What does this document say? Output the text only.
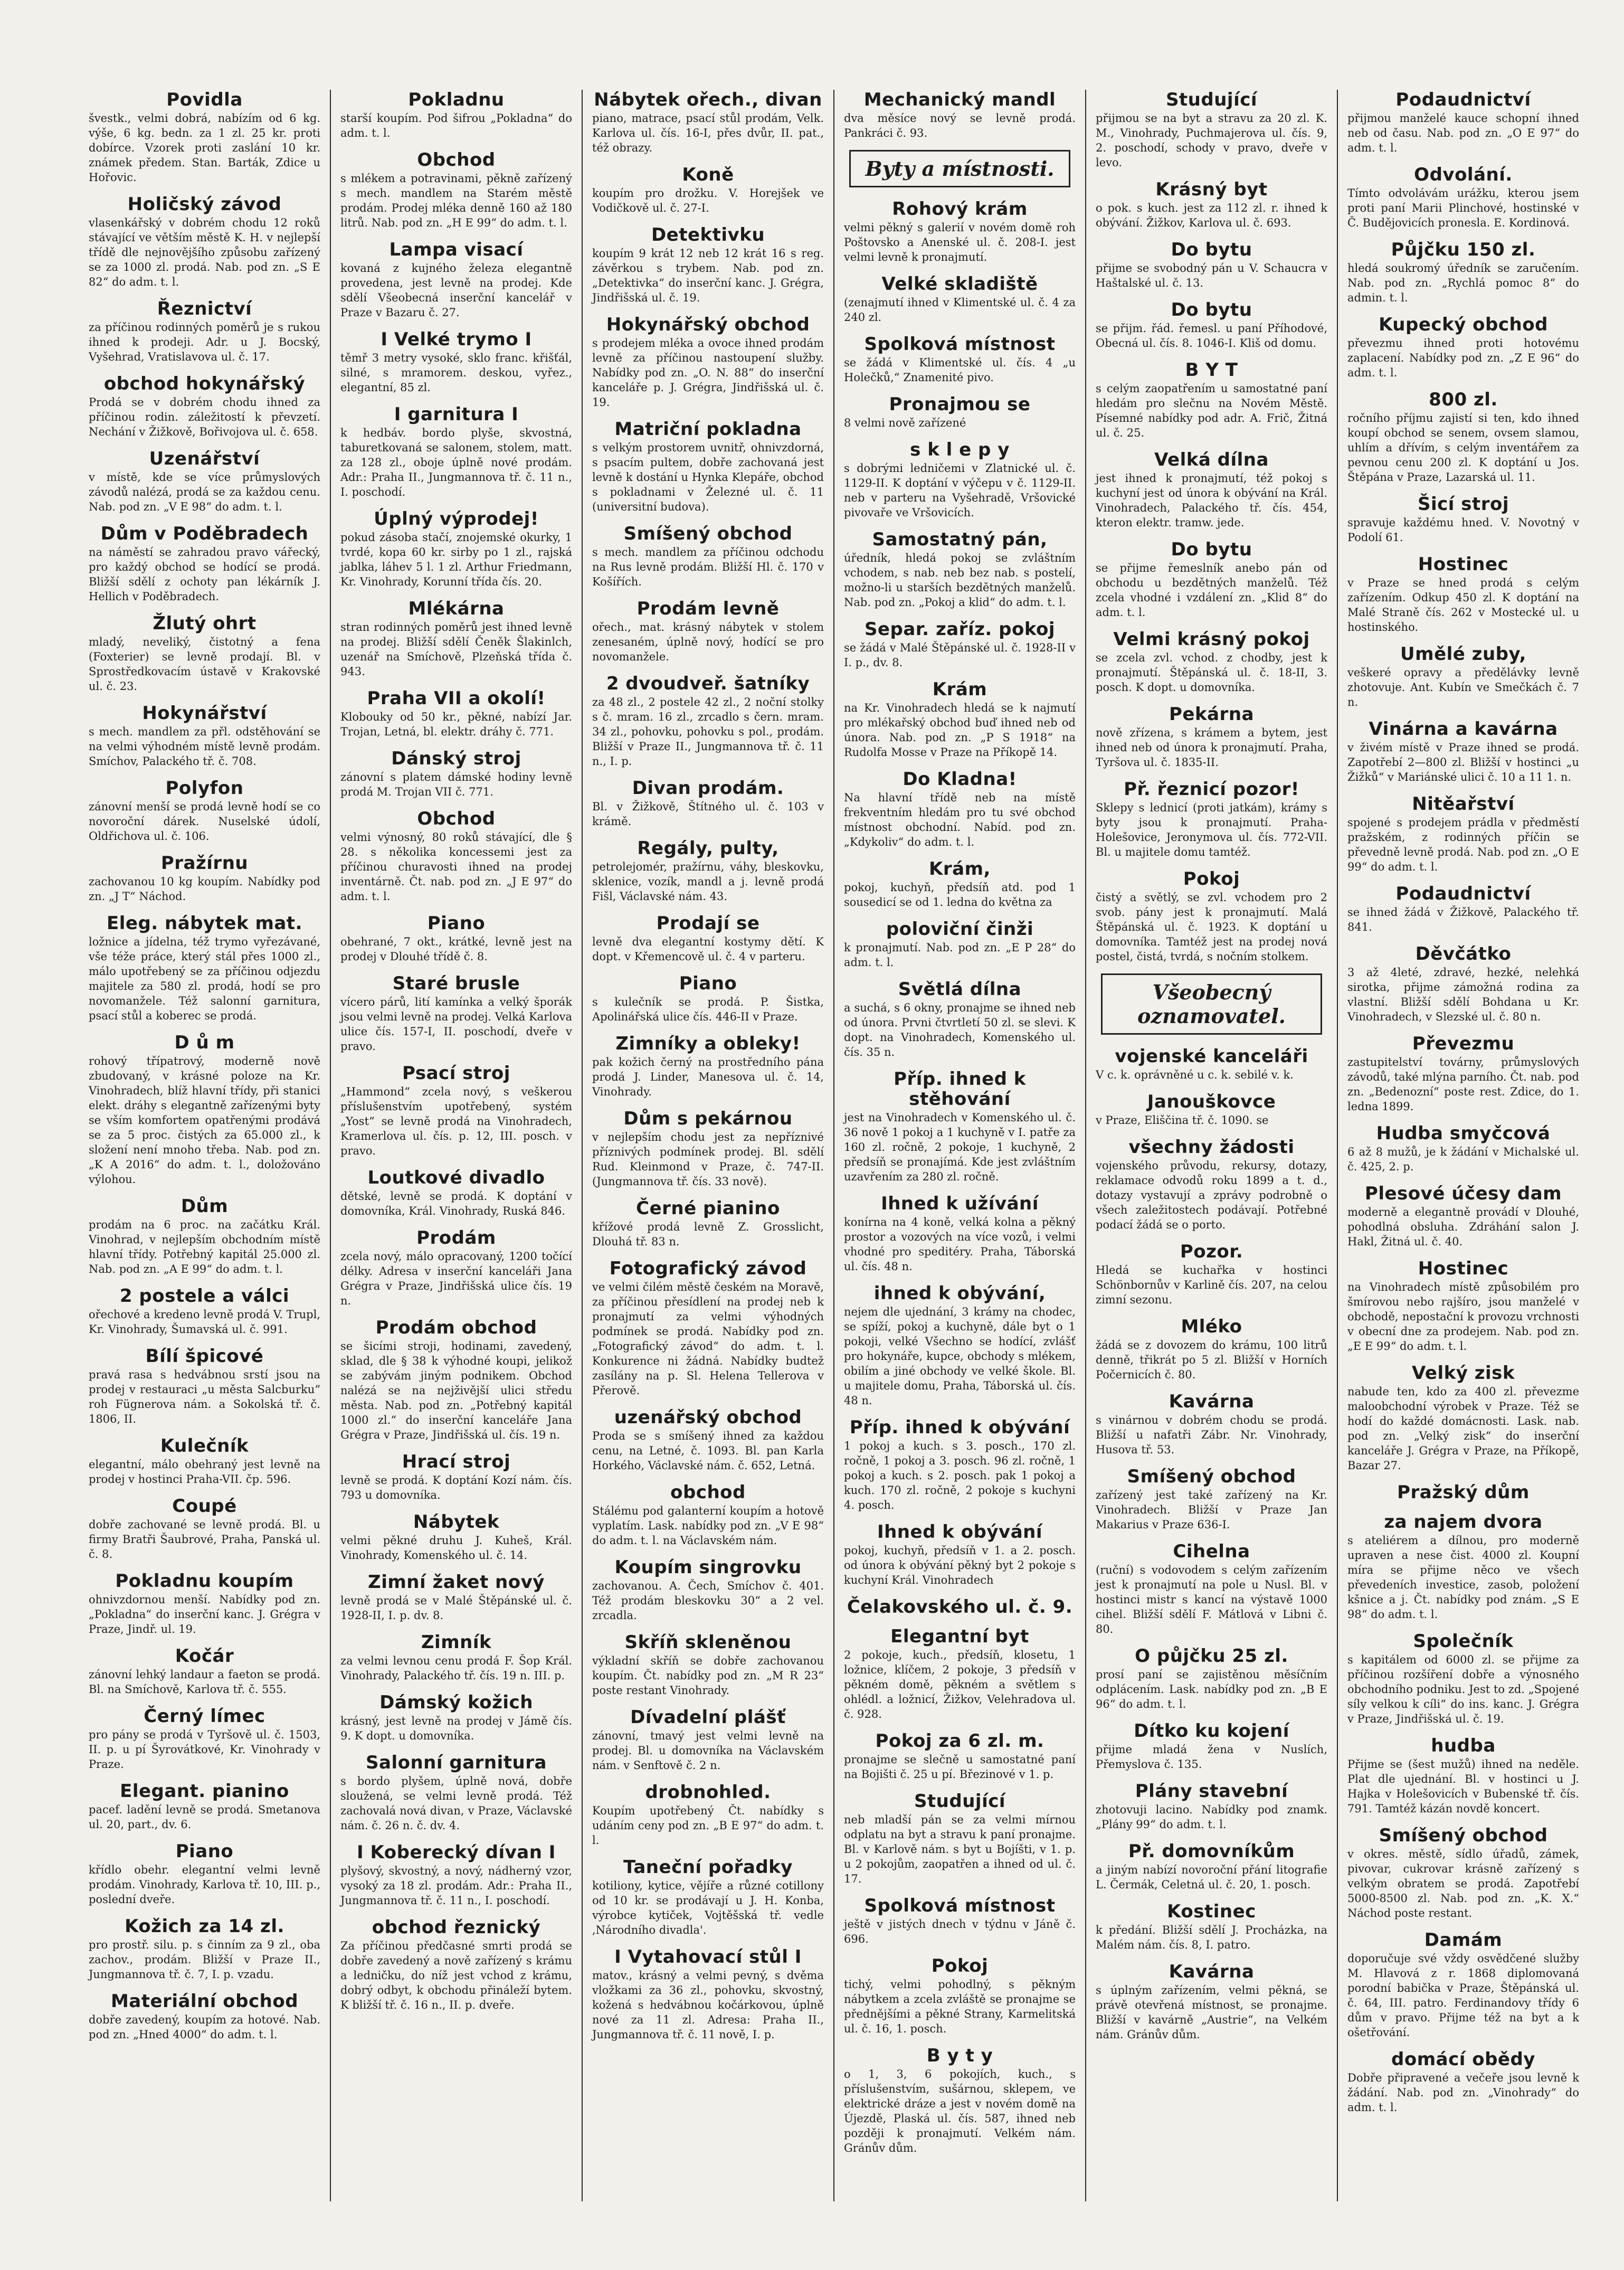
Povidla

švestk., velmi dobrá, nabízím od 6 kg. výše, 6 kg. bedn. za 1 zl. 25 kr. proti dobírce. Vzorek proti zaslání 10 kr. známek předem. Stan. Barták, Zdice u Hořovic.

Holičský závod

vlasenkářský v dobrém chodu 12 roků stávající ve větším městě K. H. v nejlepší třídě dle nejnovějšího způsobu zařízený se za 1000 zl. prodá. Nab. pod zn. „S E 82“ do adm. t. l.

Řeznictví

za příčinou rodinných poměrů je s rukou ihned k prodeji. Adr. u J. Bocský, Vyšehrad, Vratislavova ul. č. 17.

obchod hokynářský

Prodá se v dobrém chodu ihned za příčinou rodin. záležitostí k převzetí. Nechání v Žižkově, Bořivojova ul. č. 658.

Uzenářství

v místě, kde se více průmyslových závodů nalézá, prodá se za každou cenu. Nab. pod zn. „V E 98“ do adm. t. l.

Dům v Poděbradech

na náměstí se zahradou pravo vářecký, pro každý obchod se hodící se prodá. Bližší sdělí z ochoty pan lékárník J. Hellich v Poděbradech.

Žlutý ohrt

mladý, neveliký, čistotný a fena (Foxterier) se levně prodají. Bl. v Sprostředkovacím ústavě v Krakovské ul. č. 23.

Hokynářství

s mech. mandlem za přl. odstěhování se na velmi výhodném místě levně prodám. Smíchov, Palackého tř. č. 708.

Polyfon

zánovní menší se prodá levně hodí se co novoroční dárek. Nuselské údolí, Oldřichova ul. č. 106.

Pražírnu

zachovanou 10 kg koupím. Nabídky pod zn. „J T“ Náchod.

Eleg. nábytek mat.

ložnice a jídelna, též trymo vyřezávané, vše téže práce, který stál přes 1000 zl., málo upotřebený se za příčinou odjezdu majitele za 580 zl. prodá, hodí se pro novomanžele. Též salonní garnitura, psací stůl a koberec se prodá.

D ů m

rohový třípatrový, moderně nově zbudovaný, v krásné poloze na Kr. Vinohradech, blíž hlavní třídy, při stanici elekt. dráhy s elegantně zařízenými byty se vším komfortem opatřenými prodává se za 5 proc. čistých za 65.000 zl., k složení není mnoho třeba. Nab. pod zn. „K A 2016“ do adm. t. l., doložováno výlohou.

Dům

prodám na 6 proc. na začátku Král. Vinohrad, v nejlepším obchodním místě hlavní třídy. Potřebný kapitál 25.000 zl. Nab. pod zn. „A E 99“ do adm. t. l.

2 postele a válci

ořechové a kredeno levně prodá V. Trupl, Kr. Vinohrady, Šumavská ul. č. 991.

Bílí špicové

pravá rasa s hedvábnou srstí jsou na prodej v restauraci „u města Salcburku“ roh Fügnerova nám. a Sokolská tř. č. 1806, II.

Kulečník

elegantní, málo obehraný jest levně na prodej v hostinci Praha-VII. čp. 596.

Coupé

dobře zachované se levně prodá. Bl. u firmy Bratři Šaubrové, Praha, Panská ul. č. 8.

Pokladnu koupím

ohnivzdornou menší. Nabídky pod zn. „Pokladna“ do inserční kanc. J. Grégra v Praze, Jindř. ul. 19.

Kočár

zánovní lehký landaur a faeton se prodá. Bl. na Smíchově, Karlova tř. č. 555.

Černý límec

pro pány se prodá v Tyršově ul. č. 1503, II. p. u pí Šyrovátkové, Kr. Vinohrady v Praze.

Elegant. pianino

pacef. ladění levně se prodá. Smetanova ul. 20, part., dv. 6.

Piano

křídlo obehr. elegantní velmi levně prodám. Vinohrady, Karlova tř. 10, III. p., poslední dveře.

Kožich za 14 zl.

pro prostř. silu. p. s činním za 9 zl., oba zachov., prodám. Bližší v Praze II., Jungmannova tř. č. 7, I. p. vzadu.

Materiální obchod

dobře zavedený, koupím za hotové. Nab. pod zn. „Hned 4000“ do adm. t. l.

Pokladnu

starší koupím. Pod šifrou „Pokladna“ do adm. t. l.

Obchod

s mlékem a potravinami, pěkně zařízený s mech. mandlem na Starém městě prodám. Prodej mléka denně 160 až 180 litrů. Nab. pod zn. „H E 99“ do adm. t. l.

Lampa visací

kovaná z kujného železa elegantně provedena, jest levně na prodej. Kde sdělí Všeobecná inserční kancelář v Praze v Bazaru č. 27.

I Velké trymo I

těmř 3 metry vysoké, sklo franc. křišťál, silné, s mramorem. deskou, vyřez., elegantní, 85 zl.

I garnitura I

k hedbáv. bordo plyše, skvostná, taburetkovaná se salonem, stolem, matt. za 128 zl., oboje úplně nové prodám. Adr.: Praha II., Jungmannova tř. č. 11 n., I. poschodí.

Úplný výprodej!

pokud zásoba stačí, znojemské okurky, 1 tvrdé, kopa 60 kr. sirby po 1 zl., rajská jablka, láhev 5 l. 1 zl. Arthur Friedmann, Kr. Vinohrady, Korunní třída čís. 20.

Mlékárna

stran rodinných poměrů jest ihned levně na prodej. Bližší sdělí Čeněk Šlakinlch, uzenář na Smíchově, Plzeňská třída č. 943.

Praha VII a okolí!

Klobouky od 50 kr., pěkné, nabízí Jar. Trojan, Letná, bl. elektr. dráhy č. 771.

Dánský stroj

zánovní s platem dámské hodiny levně prodá M. Trojan VII č. 771.

Obchod

velmi výnosný, 80 roků stávající, dle § 28. s několika koncessemi jest za příčinou churavosti ihned na prodej inventárně. Čt. nab. pod zn. „J E 97“ do adm. t. l.

Piano

obehrané, 7 okt., krátké, levně jest na prodej v Dlouhé třídě č. 8.

Staré brusle

vícero párů, lití kamínka a velký šporák jsou velmi levně na prodej. Velká Karlova ulice čís. 157-I, II. poschodí, dveře v pravo.

Psací stroj

„Hammond“ zcela nový, s veškerou příslušenstvím upotřebený, systém „Yost“ se levně prodá na Vinohradech, Kramerlova ul. čís. p. 12, III. posch. v pravo.

Loutkové divadlo

dětské, levně se prodá. K doptání v domovníka, Král. Vinohrady, Ruská 846.

Prodám

zcela nový, málo opracovaný, 1200 točící délky. Adresa v inserční kanceláři Jana Grégra v Praze, Jindřišská ulice čís. 19 n.

Prodám obchod

se šicími stroji, hodinami, zavedený, sklad, dle § 38 k výhodné koupi, jelikož se zabývám jiným podnikem. Obchod nalézá se na nejživější ulici středu města. Nab. pod zn. „Potřebný kapitál 1000 zl.“ do inserční kanceláře Jana Grégra v Praze, Jindřišská ul. čís. 19 n.

Hrací stroj

levně se prodá. K doptání Kozí nám. čís. 793 u domovníka.

Nábytek

velmi pěkné druhu J. Kuheš, Král. Vinohrady, Komenského ul. č. 14.

Zimní žaket nový

levně prodá se v Malé Štěpánské ul. č. 1928-II, I. p. dv. 8.

Zimník

za velmi levnou cenu prodá F. Šop Král. Vinohrady, Palackého tř. čís. 19 n. III. p.

Dámský kožich

krásný, jest levně na prodej v Jámě čís. 9. K dopt. u domovníka.

Salonní garnitura

s bordo plyšem, úplně nová, dobře sloužená, se velmi levně prodá. Též zachovalá nová divan, v Praze, Václavské nám. č. 26 n. č. dv. 4.

I Koberecký dívan I

plyšový, skvostný, a nový, nádherný vzor, vysoký za 18 zl. prodám. Adr.: Praha II., Jungmannova tř. č. 11 n., I. poschodí.

obchod řeznický

Za příčinou předčasné smrti prodá se dobře zavedený a nově zařízený s krámu a ledničku, do níž jest vchod z krámu, dobrý odbyt, k obchodu přináleží bytem. K bližší tř. č. 16 n., II. p. dveře.

Nábytek ořech., divan

piano, matrace, psací stůl prodám, Velk. Karlova ul. čís. 16-I, přes dvůr, II. pat., též obrazy.

Koně

koupím pro drožku. V. Horejšek ve Vodičkově ul. č. 27-I.

Detektivku

koupím 9 krát 12 neb 12 krát 16 s reg. závěrkou s trybem. Nab. pod zn. „Detektivka“ do inserční kanc. J. Grégra, Jindřišská ul. č. 19.

Hokynářský obchod

s prodejem mléka a ovoce ihned prodám levně za příčinou nastoupení služby. Nabídky pod zn. „O. N. 88“ do inserční kanceláře p. J. Grégra, Jindřišská ul. č. 19.

Matriční pokladna

s velkým prostorem uvnitř, ohnivzdorná, s psacím pultem, dobře zachovaná jest levně k dostání u Hynka Klepáře, obchod s pokladnami v Železné ul. č. 11 (universitní budova).

Smíšený obchod

s mech. mandlem za příčinou odchodu na Rus levně prodám. Bližší Hl. č. 170 v Košířích.

Prodám levně

ořech., mat. krásný nábytek v stolem zenesaném, úplně nový, hodící se pro novomanžele.

2 dvoudveř. šatníky

za 48 zl., 2 postele 42 zl., 2 noční stolky s č. mram. 16 zl., zrcadlo s čern. mram. 34 zl., pohovku, pohovku s pol., prodám. Bližší v Praze II., Jungmannova tř. č. 11 n., I. p.

Divan prodám.

Bl. v Žižkově, Štítného ul. č. 103 v krámě.

Regály, pulty,

petrolejomér, pražírnu, váhy, bleskovku, sklenice, vozík, mandl a j. levně prodá Fišl, Václavské nám. 43.

Prodají se

levně dva elegantní kostymy dětí. K dopt. v Křemencově ul. č. 4 v parteru.

Piano

s kulečník se prodá. P. Šistka, Apolinářská ulice čís. 446-II v Praze.

Zimníky a obleky!

pak kožich černý na prostředního pána prodá J. Linder, Manesova ul. č. 14, Vinohrady.

Dům s pekárnou

v nejlepším chodu jest za nepříznivé příznivých podmínek prodej. Bl. sdělí Rud. Kleinmond v Praze, č. 747-II. (Jungmannova tř. čís. 33 nově).

Černé pianino

křížové prodá levně Z. Grosslicht, Dlouhá tř. 83 n.

Fotografický závod

ve velmi čilém městě českém na Moravě, za příčinou přesídlení na prodej neb k pronajmutí za velmi výhodných podmínek se prodá. Nabídky pod zn. „Fotografický závod“ do adm. t. l. Konkurence ni žádná. Nabídky budtež zasílány na p. Sl. Helena Tellerova v Přerově.

uzenářský obchod

Proda se s smíšený ihned za každou cenu, na Letné, č. 1093. Bl. pan Karla Horkého, Václavské nám. č. 652, Letná.

obchod

Stálému pod galanterní koupím a hotově vyplatím. Lask. nabídky pod zn. „V E 98“ do adm. t. l. na Václavském nám.

Koupím singrovku

zachovanou. A. Čech, Smíchov č. 401. Též prodám bleskovku 30“ a 2 vel. zrcadla.

Skříň skleněnou

výkladní skříň se dobře zachovanou koupím. Čt. nabídky pod zn. „M R 23“ poste restant Vinohrady.

Dívadelní plášť

zánovní, tmavý jest velmi levně na prodej. Bl. u domovníka na Václavském nám. v Senftově č. 2 n.

drobnohled.

Koupím upotřebený Čt. nabídky s udáním ceny pod zn. „B E 97“ do adm. t. l.

Taneční pořadky

kotiliony, kytice, vějíře a různé cotillony od 10 kr. se prodávají u J. H. Konba, výrobce kytiček, Vojtěšská tř. vedle ,Národního divadla'.

I Vytahovací stůl I

matov., krásný a velmi pevný, s dvěma vložkami za 36 zl., pohovku, skvostný, kožená s hedvábnou kočárkovou, úplně nové za 11 zl. Adresa: Praha II., Jungmannova tř. č. 11 nově, I. p.

Mechanický mandl

dva měsíce nový se levně prodá. Pankráci č. 93.

Byty a místnosti.
Rohový krám

velmi pěkný s galerií v novém domě roh Poštovsko a Anenské ul. č. 208-I. jest velmi levně k pronajmutí.

Velké skladiště

(zenajmutí ihned v Klimentské ul. č. 4 za 240 zl.

Spolková místnost

se žádá v Klimentské ul. čís. 4 „u Holečků,“ Znamenité pivo.

Pronajmou se

8 velmi nově zařízené

s k l e p y

s dobrými ledničemi v Zlatnické ul. č. 1129-II. K doptání v výčepu v č. 1129-II. neb v parteru na Vyšehradě, Vršovické pivovaře ve Vršovicích.

Samostatný pán,

úředník, hledá pokoj se zvláštním vchodem, s nab. neb bez nab. s postelí, možno-li u starších bezdětných manželů. Nab. pod zn. „Pokoj a klid“ do adm. t. l.

Separ. zaříz. pokoj

se žádá v Malé Štěpánské ul. č. 1928-II v I. p., dv. 8.

Krám

na Kr. Vinohradech hledá se k najmutí pro mlékařský obchod buď ihned neb od února. Nab. pod zn. „P S 1918“ na Rudolfa Mosse v Praze na Příkopě 14.

Do Kladna!

Na hlavní třídě neb na místě frekventním hledám pro tu své obchod místnost obchodní. Nabíd. pod zn. „Kdykoliv“ do adm. t. l.

Krám,

pokoj, kuchyň, předsíň atd. pod 1 sousedicí se od 1. ledna do května za

poloviční činži

k pronajmutí. Nab. pod zn. „E P 28“ do adm. t. l.

Světlá dílna

a suchá, s 6 okny, pronajme se ihned neb od února. Prvni čtvrtletí 50 zl. se slevi. K dopt. na Vinohradech, Komenského ul. čís. 35 n.

Příp. ihned k stěhování

jest na Vinohradech v Komenského ul. č. 36 nově 1 pokoj a 1 kuchyně v I. patře za 160 zl. ročně, 2 pokoje, 1 kuchyně, 2 předsíň se pronajímá. Kde jest zvláštním uzavřením za 280 zl. ročně.

Ihned k užívání

konírna na 4 koně, velká kolna a pěkný prostor a vozových na více vozů, i velmi vhodné pro speditéry. Praha, Táborská ul. čís. 48 n.

ihned k obývání,

nejem dle ujednání, 3 krámy na chodec, se spíží, pokoj a kuchyně, dále byt o 1 pokoji, velké Všechno se hodící, zvlášť pro hokynáře, kupce, obchody s mlékem, obilím a jiné obchody ve velké škole. Bl. u majitele domu, Praha, Táborská ul. čís. 48 n.

Příp. ihned k obývání

1 pokoj a kuch. s 3. posch., 170 zl. ročně, 1 pokoj a 3. posch. 96 zl. ročně, 1 pokoj a kuch. s 2. posch. pak 1 pokoj a kuch. 170 zl. ročně, 2 pokoje s kuchyni 4. posch.

Ihned k obývání

pokoj, kuchyň, předsíň v 1. a 2. posch. od února k obývání pěkný byt 2 pokoje s kuchyní Král. Vinohradech

Čelakovského ul. č. 9.

Elegantní byt

2 pokoje, kuch., předsíň, klosetu, 1 ložnice, klíčem, 2 pokoje, 3 předsíň v pěkném domě, pěkném a světlem s ohlédl. a ložnicí, Žižkov, Velehradova ul. č. 928.

Pokoj za 6 zl. m.

pronajme se slečně u samostatné paní na Bojišti č. 25 u pí. Březinové v 1. p.

Studující

neb mladší pán se za velmi mírnou odplatu na byt a stravu k paní pronajme. Bl. v Karlově nám. s byt u Bojíšti, v 1. p. u 2 pokojům, zaopatřen a ihned od ul. č. 17.

Spolková místnost

ještě v jistých dnech v týdnu v Jáně č. 696.

Pokoj

tichý, velmi pohodlný, s pěkným nábytkem a zcela zvláště se pronajme se přednějšími a pěkné Strany, Karmelitská ul. č. 16, 1. posch.

B y t y

o 1, 3, 6 pokojích, kuch., s příslušenstvím, sušárnou, sklepem, ve elektrické dráze a jest v novém domě na Újezdě, Plaská ul. čís. 587, ihned neb později k pronajmutí. Velkém nám. Gránův dům.

Studující

přijmou se na byt a stravu za 20 zl. K. M., Vinohrady, Puchmajerova ul. čís. 9, 2. poschodí, schody v pravo, dveře v levo.

Krásný byt

o pok. s kuch. jest za 112 zl. r. ihned k obývání. Žižkov, Karlova ul. č. 693.

Do bytu

přijme se svobodný pán u V. Schaucra v Haštalské ul. č. 13.

Do bytu

se přijm. řád. řemesl. u paní Příhodové, Obecná ul. čís. 8. 1046-I. Kliš od domu.

B Y T

s celým zaopatřením u samostatné paní hledám pro slečnu na Novém Městě. Písemné nabídky pod adr. A. Frič, Žitná ul. č. 25.

Velká dílna

jest ihned k pronajmutí, též pokoj s kuchyní jest od února k obývání na Král. Vinohradech, Palackého tř. čís. 454, kteron elektr. tramw. jede.

Do bytu

se přijme řemeslník anebo pán od obchodu u bezdětných manželů. Též zcela vhodné i vzdálení zn. „Klid 8“ do adm. t. l.

Velmi krásný pokoj

se zcela zvl. vchod. z chodby, jest k pronajmutí. Štěpánská ul. č. 18-II, 3. posch. K dopt. u domovníka.

Pekárna

nově zřízena, s krámem a bytem, jest ihned neb od února k pronajmutí. Praha, Tyršova ul. č. 1835-II.

Př. řeznicí pozor!

Sklepy s lednicí (proti jatkám), krámy s byty jsou k pronajmutí. Praha-Holešovice, Jeronymova ul. čís. 772-VII. Bl. u majitele domu tamtéž.

Pokoj

čistý a světlý, se zvl. vchodem pro 2 svob. pány jest k pronajmutí. Malá Štěpánská ul. č. 1923. K doptání u domovníka. Tamtéž jest na prodej nová postel, čistá, tvrdá, s nočním stolkem.

Všeobecný oznamovatel.
vojenské kanceláři

V c. k. oprávněné u c. k. sebilé v. k.

Janouškovce

v Praze, Eliščina tř. č. 1090. se

všechny žádosti

vojenského průvodu, rekursy, dotazy, reklamace odvodů roku 1899 a t. d., dotazy vystavují a zprávy podrobně o všech zaležitostech podávají. Potřebné podací žádá se o porto.

Pozor.

Hledá se kuchařka v hostinci Schönbornův v Karlině čís. 207, na celou zimní sezonu.

Mléko

žádá se z dovozem do krámu, 100 litrů denně, třikrát po 5 zl. Bližší v Horních Počernicích č. 80.

Kavárna

s vinárnou v dobrém chodu se prodá. Bližší u nafatři Zábr. Nr. Vinohrady, Husova tř. 53.

Smíšený obchod

zařízený jest také zařízený na Kr. Vinohradech. Bližší v Praze Jan Makarius v Praze 636-I.

Cihelna

(ruční) s vodovodem s celým zařízením jest k pronajmutí na pole u Nusl. Bl. v hostinci mistr s kancí na výstavě 1000 cihel. Bližší sdělí F. Mátlová v Libni č. 80.

O půjčku 25 zl.

prosí paní se zajistěnou měsíčním odplácením. Lask. nabídky pod zn. „B E 96“ do adm. t. l.

Dítko ku kojení

přijme mladá žena v Nuslích, Přemyslova č. 135.

Plány stavební

zhotovuji lacino. Nabídky pod znamk. „Plány 99“ do adm. t. l.

Př. domovníkům

a jiným nabízí novoroční přání litografie L. Čermák, Celetná ul. č. 20, 1. posch.

Kostinec

k předání. Bližší sdělí J. Procházka, na Malém nám. čís. 8, I. patro.

Kavárna

s úplným zařízením, velmi pěkná, se právě otevřená místnost, se pronajme. Bližší v kavárně „Austrie“, na Velkém nám. Gránův dům.

Podaudnictví

přijmou manželé kauce schopní ihned neb od času. Nab. pod zn. „O E 97“ do adm. t. l.

Odvolání.

Tímto odvolávám urážku, kterou jsem proti paní Marii Plinchové, hostinské v Č. Budějovicích pronesla. E. Kordinová.

Půjčku 150 zl.

hledá soukromý úředník se zaručením. Nab. pod zn. „Rychlá pomoc 8“ do admin. t. l.

Kupecký obchod

převezmu ihned proti hotovému zaplacení. Nabídky pod zn. „Z E 96“ do adm. t. l.

800 zl.

ročního příjmu zajistí si ten, kdo ihned koupí obchod se senem, ovsem slamou, uhlím a dřívím, s celým inventářem za pevnou cenu 200 zl. K doptání u Jos. Štěpána v Praze, Lazarská ul. 11.

Šicí stroj

spravuje každému hned. V. Novotný v Podolí 61.

Hostinec

v Praze se hned prodá s celým zařízením. Odkup 450 zl. K doptání na Malé Straně čís. 262 v Mostecké ul. u hostinského.

Umělé zuby,

veškeré opravy a předělávky levně zhotovuje. Ant. Kubín ve Smečkách č. 7 n.

Vinárna a kavárna

v živém místě v Praze ihned se prodá. Zapotřebí 2—800 zl. Bližší v hostinci „u Žižků“ v Mariánské ulici č. 10 a 11 1. n.

Nitěařství

spojené s prodejem prádla v předměstí pražském, z rodinných příčin se převedně levně prodá. Nab. pod zn. „O E 99“ do adm. t. l.

Podaudnictví

se ihned žádá v Žižkově, Palackého tř. 841.

Děvčátko

3 až 4leté, zdravé, hezké, nelehká sirotka, přijme zámožná rodina za vlastní. Bližší sdělí Bohdana u Kr. Vinohradech, v Slezské ul. č. 80 n.

Převezmu

zastupitelství továrny, průmyslových závodů, také mlýna parního. Čt. nab. pod zn. „Bedenozní“ poste rest. Zdice, do 1. ledna 1899.

Hudba smyčcová

6 až 8 mužů, je k žádání v Michalské ul. č. 425, 2. p.

Plesové účesy dam

moderně a elegantně provádí v Dlouhé, pohodlná obsluha. Zdráhání salon J. Hakl, Žitná ul. č. 40.

Hostinec

na Vinohradech místě způsobilém pro šmírovou nebo rajšíro, jsou manželé v obchodě, nepostační k provozu vrchnosti v obecní dne za prodejem. Nab. pod zn. „E E 99“ do adm. t. l.

Velký zisk

nabude ten, kdo za 400 zl. převezme maloobchodní výrobek v Praze. Též se hodí do každé domácnosti. Lask. nab. pod zn. „Velký zisk“ do inserční kanceláře J. Grégra v Praze, na Příkopě, Bazar 27.

Pražský dům

za najem dvora

s ateliérem a dílnou, pro moderně upraven a nese čist. 4000 zl. Koupní míra se přijme něco ve všech převedeních investice, zasob, položení kšnice a j. Čt. nabídky pod znám. „S E 98“ do adm. t. l.

Společník

s kapitálem od 6000 zl. se přijme za příčinou rozšíření dobře a výnosného obchodního podniku. Jest to zd. „Spojené síly velkou k cíli“ do ins. kanc. J. Grégra v Praze, Jindřišská ul. č. 19.

hudba

Přijme se (šest mužů) ihned na neděle. Plat dle ujednání. Bl. v hostinci u J. Hajka v Holešovicích v Bubenské tř. čís. 791. Tamtéž kázán novdě koncert.

Smíšený obchod

v okres. městě, sídlo úřadů, zámek, pivovar, cukrovar krásně zařízený s velkým obratem se prodá. Zapotřebí 5000-8500 zl. Nab. pod zn. „K. X.“ Náchod poste restant.

Damám

doporučuje své vždy osvědčené služby M. Hlavová z r. 1868 diplomovaná porodní babička v Praze, Štěpánská ul. č. 64, III. patro. Ferdinandovy třídy 6 dům v pravo. Přijme též na byt a k ošetřování.

domácí obědy

Dobře připravené a večeře jsou levně k žádání. Nab. pod zn. „Vinohrady“ do adm. t. l.
